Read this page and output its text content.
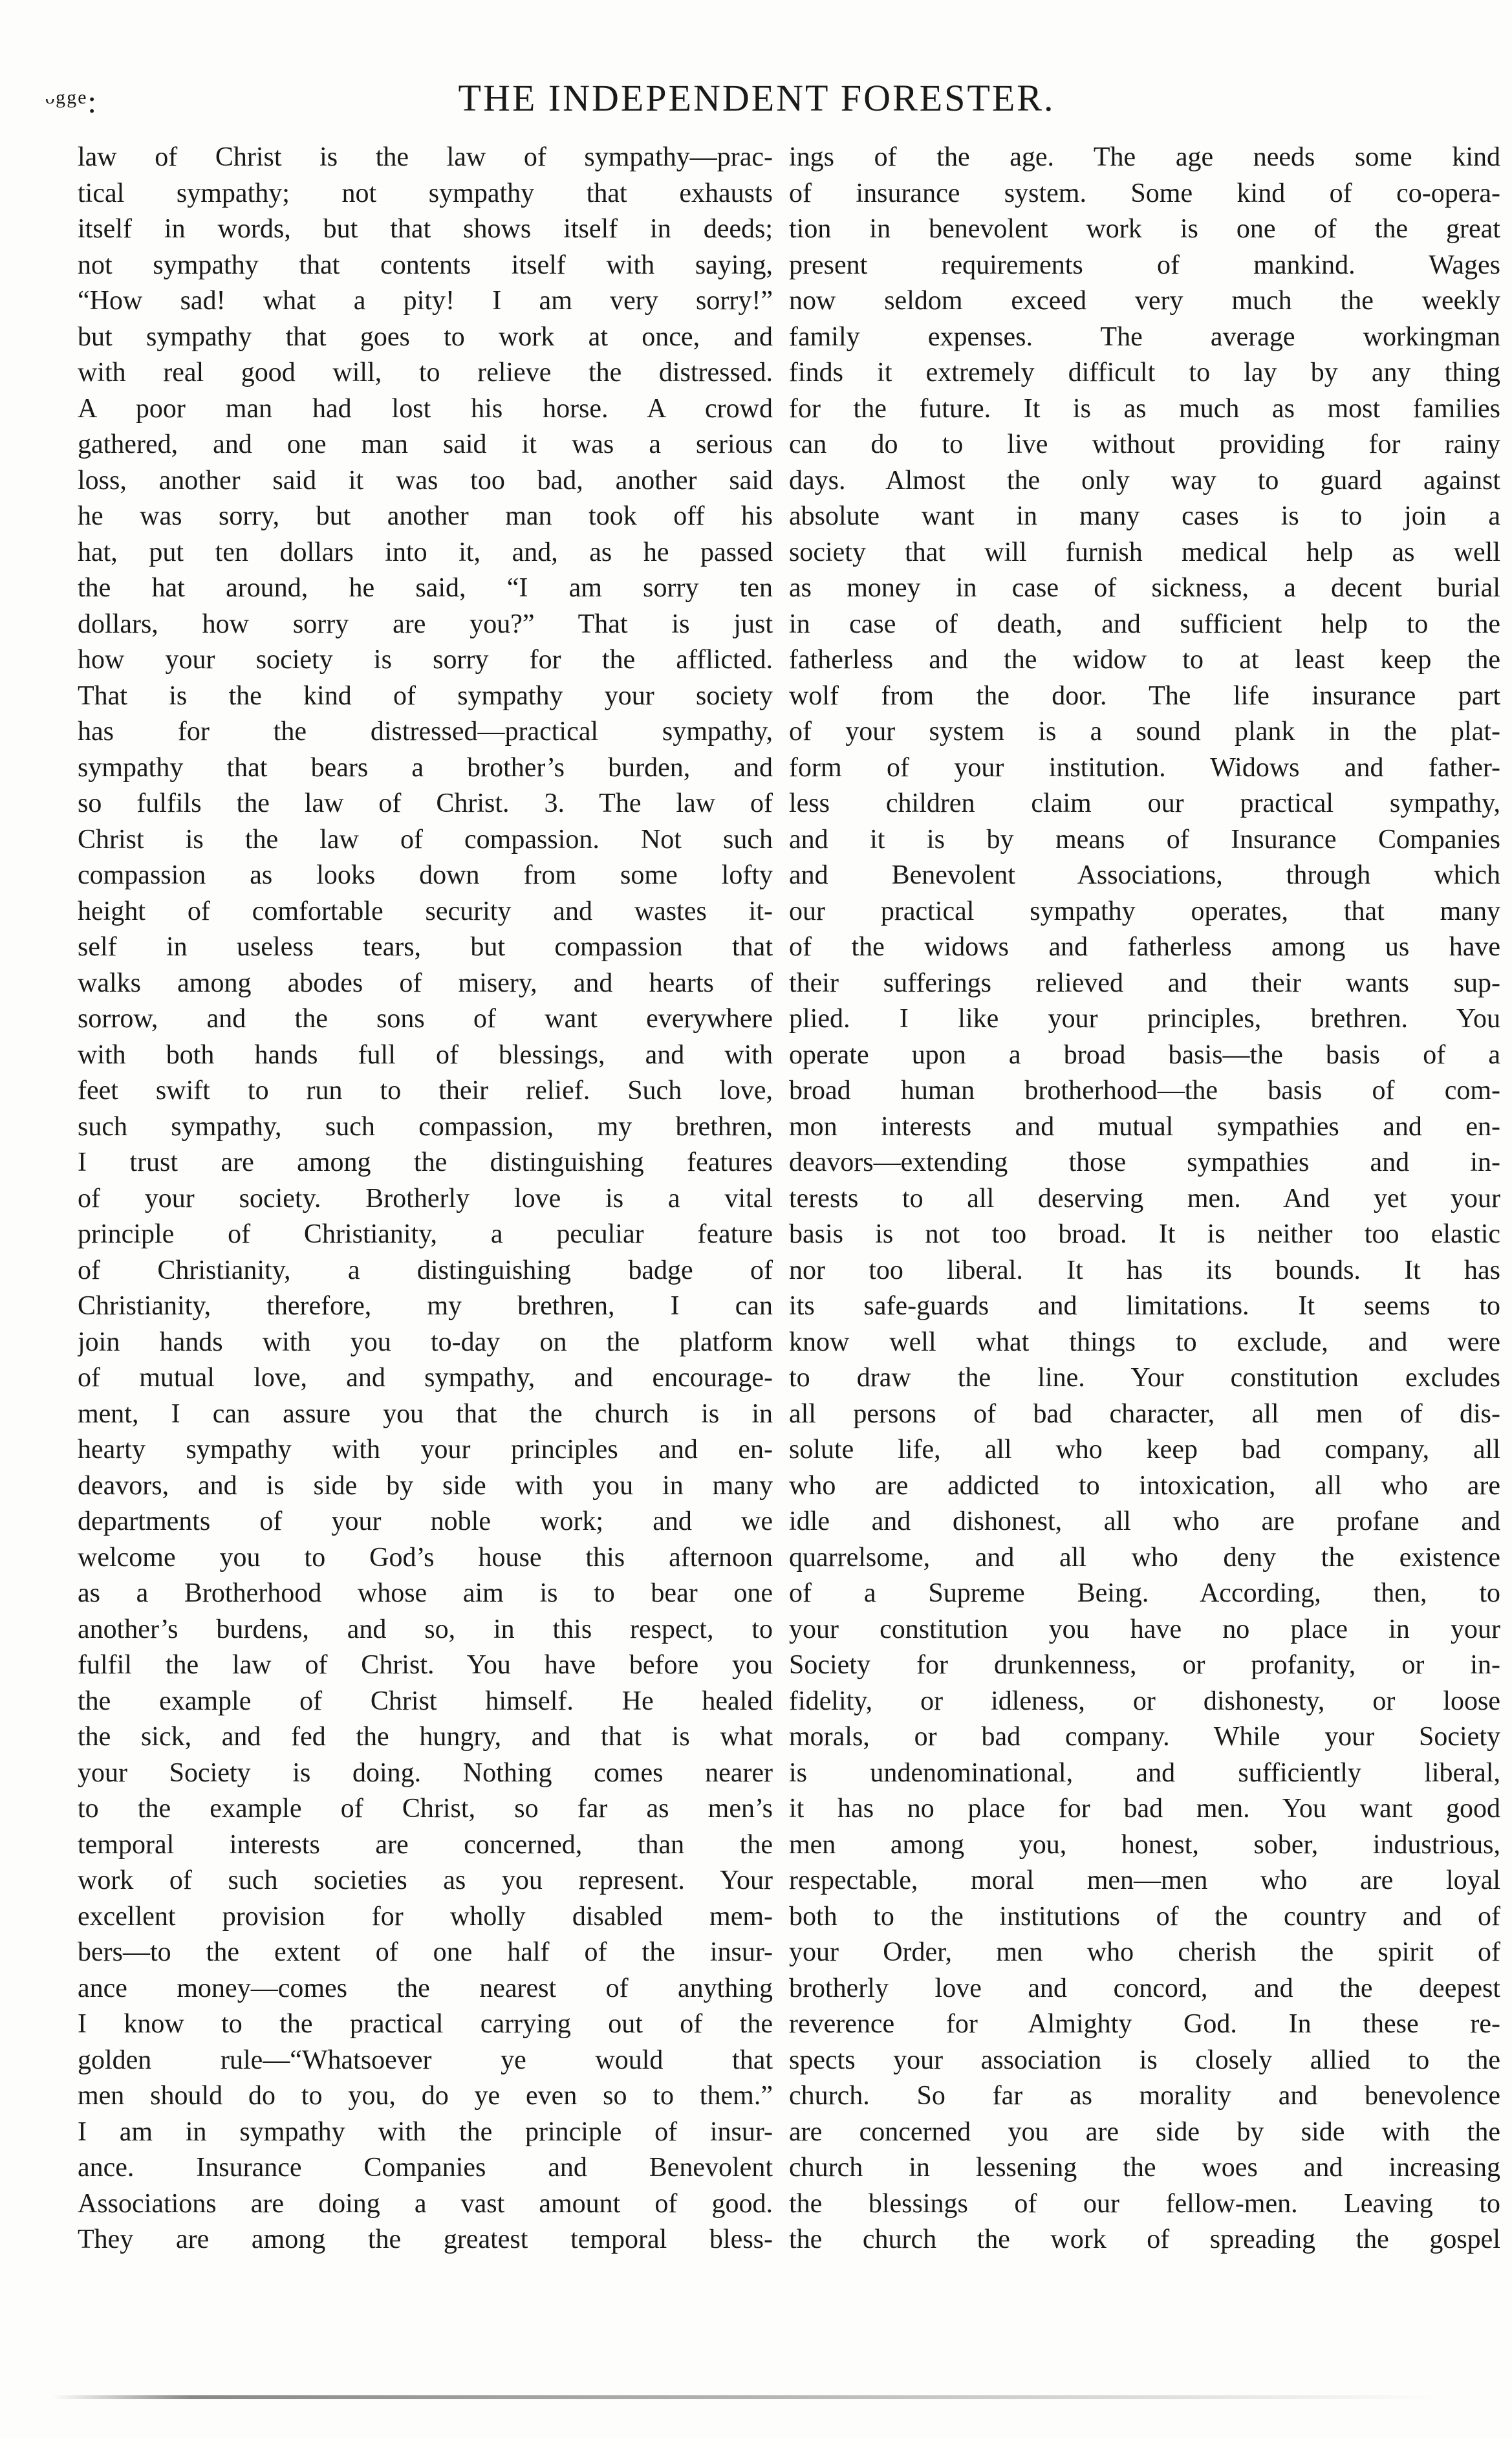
ᵕᵍᵍᵉ:	THE INDEPENDENT FORESTER.

law of Christ is the law of sympathy—prac-
tical sympathy; not sympathy that exhausts
itself in words, but that shows itself in deeds;
not sympathy that contents itself with saying,
“How sad! what a pity! I am very sorry!”
but sympathy that goes to work at once, and
with real good will, to relieve the distressed.
A poor man had lost his horse. A crowd
gathered, and one man said it was a serious
loss, another said it was too bad, another said
he was sorry, but another man took off his
hat, put ten dollars into it, and, as he passed
the hat around, he said, “I am sorry ten
dollars, how sorry are you?” That is just
how your society is sorry for the afflicted.
That is the kind of sympathy your society
has for the distressed—practical sympathy,
sympathy that bears a brother’s burden, and
so fulfils the law of Christ. 3. The law of
Christ is the law of compassion. Not such
compassion as looks down from some lofty
height of comfortable security and wastes it-
self in useless tears, but compassion that
walks among abodes of misery, and hearts of
sorrow, and the sons of want everywhere
with both hands full of blessings, and with
feet swift to run to their relief. Such love,
such sympathy, such compassion, my brethren,
I trust are among the distinguishing features
of your society. Brotherly love is a vital
principle of Christianity, a peculiar feature
of Christianity, a distinguishing badge of
Christianity, therefore, my brethren, I can
join hands with you to-day on the platform
of mutual love, and sympathy, and encourage-
ment, I can assure you that the church is in
hearty sympathy with your principles and en-
deavors, and is side by side with you in many
departments of your noble work; and we
welcome you to God’s house this afternoon
as a Brotherhood whose aim is to bear one
another’s burdens, and so, in this respect, to
fulfil the law of Christ. You have before you
the example of Christ himself. He healed
the sick, and fed the hungry, and that is what
your Society is doing. Nothing comes nearer
to the example of Christ, so far as men’s
temporal interests are concerned, than the
work of such societies as you represent. Your
excellent provision for wholly disabled mem-
bers—to the extent of one half of the insur-
ance money—comes the nearest of anything
I know to the practical carrying out of the
golden rule—“Whatsoever ye would that
men should do to you, do ye even so to them.”
I am in sympathy with the principle of insur-
ance. Insurance Companies and Benevolent
Associations are doing a vast amount of good.
They are among the greatest temporal bless-

ings of the age. The age needs some kind
of insurance system. Some kind of co-opera-
tion in benevolent work is one of the great
present requirements of mankind. Wages
now seldom exceed very much the weekly
family expenses. The average workingman
finds it extremely difficult to lay by any thing
for the future. It is as much as most families
can do to live without providing for rainy
days. Almost the only way to guard against
absolute want in many cases is to join a
society that will furnish medical help as well
as money in case of sickness, a decent burial
in case of death, and sufficient help to the
fatherless and the widow to at least keep the
wolf from the door. The life insurance part
of your system is a sound plank in the plat-
form of your institution. Widows and father-
less children claim our practical sympathy,
and it is by means of Insurance Companies
and Benevolent Associations, through which
our practical sympathy operates, that many
of the widows and fatherless among us have
their sufferings relieved and their wants sup-
plied. I like your principles, brethren. You
operate upon a broad basis—the basis of a
broad human brotherhood—the basis of com-
mon interests and mutual sympathies and en-
deavors—extending those sympathies and in-
terests to all deserving men. And yet your
basis is not too broad. It is neither too elastic
nor too liberal. It has its bounds. It has
its safe-guards and limitations. It seems to
know well what things to exclude, and were
to draw the line. Your constitution excludes
all persons of bad character, all men of dis-
solute life, all who keep bad company, all
who are addicted to intoxication, all who are
idle and dishonest, all who are profane and
quarrelsome, and all who deny the existence
of a Supreme Being. According, then, to
your constitution you have no place in your
Society for drunkenness, or profanity, or in-
fidelity, or idleness, or dishonesty, or loose
morals, or bad company. While your Society
is undenominational, and sufficiently liberal,
it has no place for bad men. You want good
men among you, honest, sober, industrious,
respectable, moral men—men who are loyal
both to the institutions of the country and of
your Order, men who cherish the spirit of
brotherly love and concord, and the deepest
reverence for Almighty God. In these re-
spects your association is closely allied to the
church. So far as morality and benevolence
are concerned you are side by side with the
church in lessening the woes and increasing
the blessings of our fellow-men. Leaving to
the church the work of spreading the gospel
